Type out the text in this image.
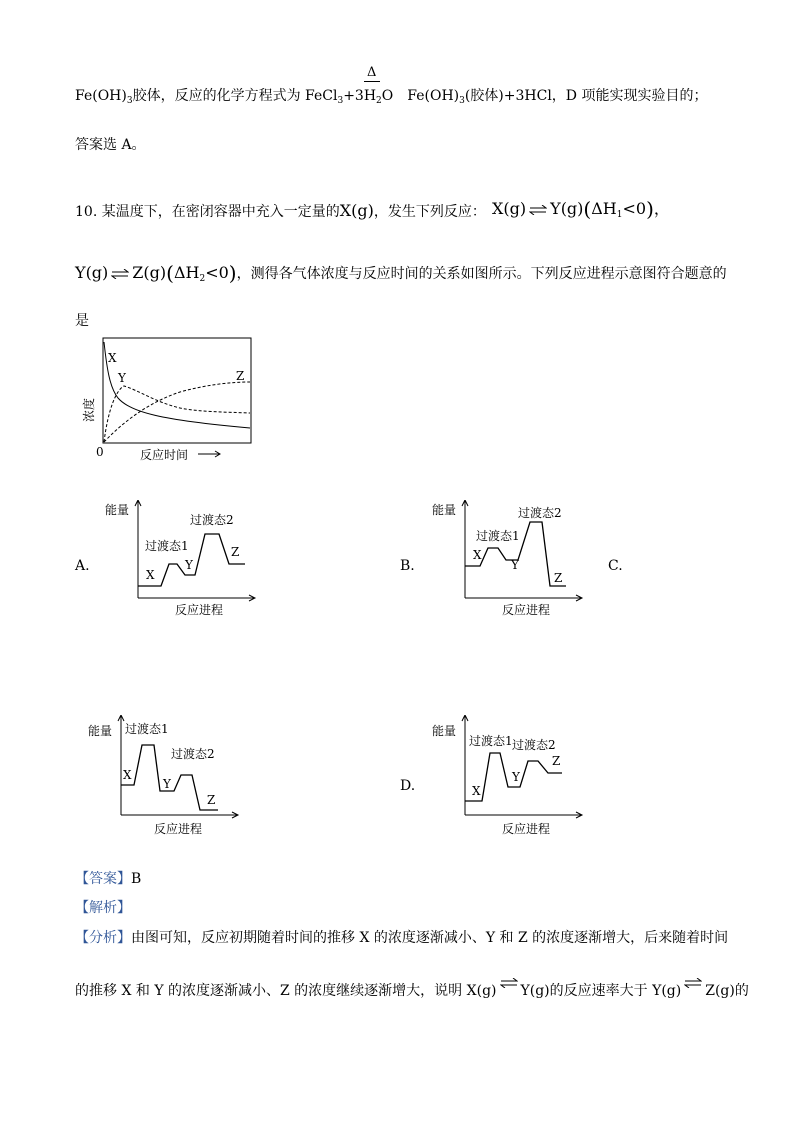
Δ
$Fe(OH)_3$胶体，反应的化学方程式为 $FeCl_3+3H_2O$ $Fe(OH)_3$(胶体)+3HCl，D 项能实现实验目的；
答案选 A。
10. 某温度下，在密闭容器中充入一定量的X(g)，发生下列反应： X(g) ⇌ $Y(g)(\Delta H_1<0)$，
Y(g) ⇌ $Z(g)(\Delta H_2<0)$，测得各气体浓度与反应时间的关系如图所示。下列反应进程示意图符合题意的
是
X
Y	Z
0	反应时间
浓度
A.
能量
过渡态1
过渡态2
X
Y
Z
反应进程
B.
能量
过渡态1
过渡态2
X
Y
Z
反应进程
C.
能量 过渡态1
过渡态2
X
Y
Z
反应进程
D.
能量
过渡态1 过渡态2
X
Y
Z
反应进程
【答案】B
【解析】
【分析】由图可知，反应初期随着时间的推移 X 的浓度逐渐减小、Y 和 Z 的浓度逐渐增大，后来随着时间
的推移 X 和 Y 的浓度逐渐减小、Z 的浓度继续逐渐增大，说明 X(g) ⇌ Y(g)的反应速率大于 Y(g) ⇌ Z(g)的
